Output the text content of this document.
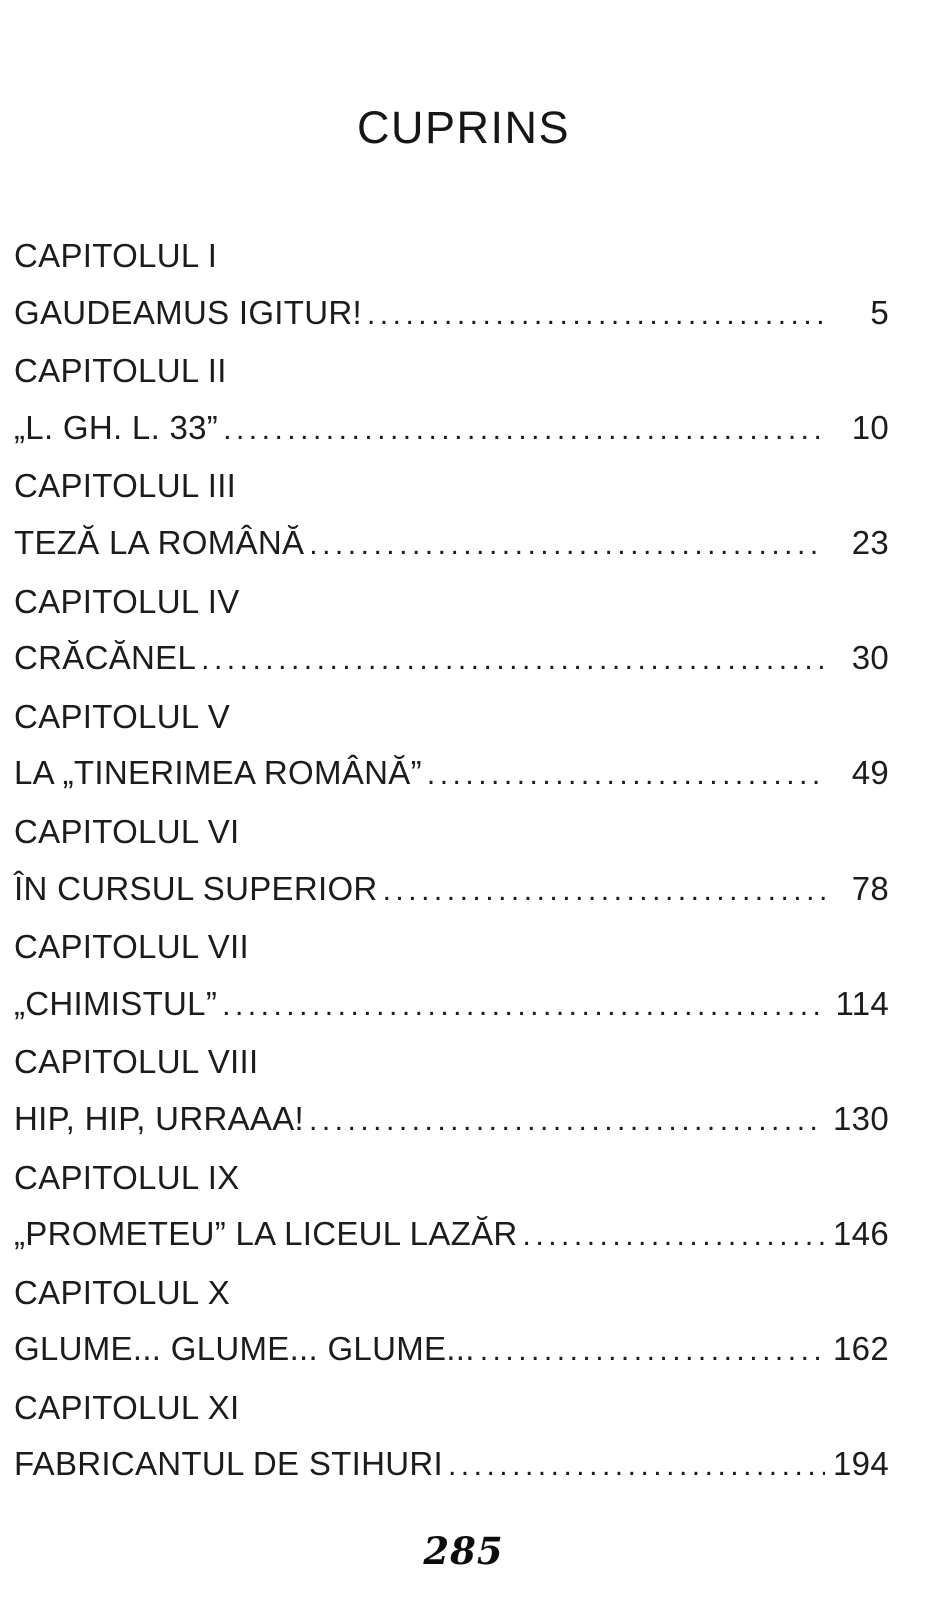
CUPRINS
CAPITOLUL I
GAUDEAMUS IGITUR! .....	5
CAPITOLUL II
„L. GH. L. 33” .....	10
CAPITOLUL III
TEZĂ LA ROMÂNĂ .....	23
CAPITOLUL IV
CRĂCĂNEL .....	30
CAPITOLUL V
LA „TINERIMEA ROMÂNĂ” .....	49
CAPITOLUL VI
ÎN CURSUL SUPERIOR .....	78
CAPITOLUL VII
„CHIMISTUL” .....	114
CAPITOLUL VIII
HIP, HIP, URRAAA! .....	130
CAPITOLUL IX
„PROMETEU” LA LICEUL LAZĂR .....	146
CAPITOLUL X
GLUME... GLUME... GLUME... .....	162
CAPITOLUL XI
FABRICANTUL DE STIHURI .....	194
285
